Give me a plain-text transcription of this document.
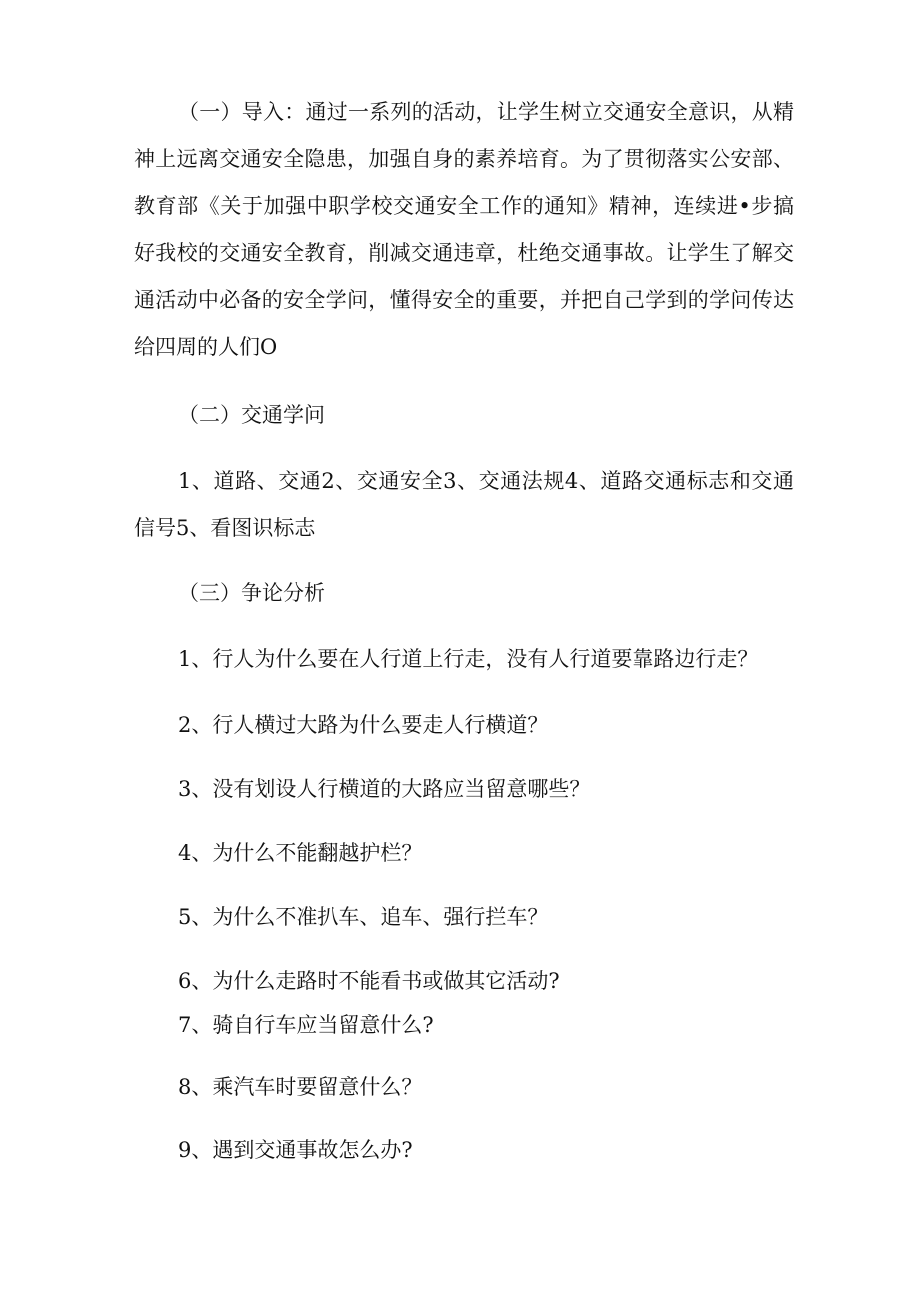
（一）导入：通过一系列的活动，让学生树立交通安全意识，从精神上远离交通安全隐患，加强自身的素养培育。为了贯彻落实公安部、教育部《关于加强中职学校交通安全工作的通知》精神，连续进•步搞好我校的交通安全教育，削减交通违章，杜绝交通事故。让学生了解交通活动中必备的安全学问，懂得安全的重要，并把自己学到的学问传达给四周的人们O

（二）交通学问

1、道路、交通2、交通安全3、交通法规4、道路交通标志和交通信号5、看图识标志

（三）争论分析

1、行人为什么要在人行道上行走，没有人行道要靠路边行走？

2、行人横过大路为什么要走人行横道？

3、没有划设人行横道的大路应当留意哪些？

4、为什么不能翻越护栏？

5、为什么不准扒车、追车、强行拦车？

6、为什么走路时不能看书或做其它活动?

7、骑自行车应当留意什么?

8、乘汽车时要留意什么？

9、遇到交通事故怎么办?
